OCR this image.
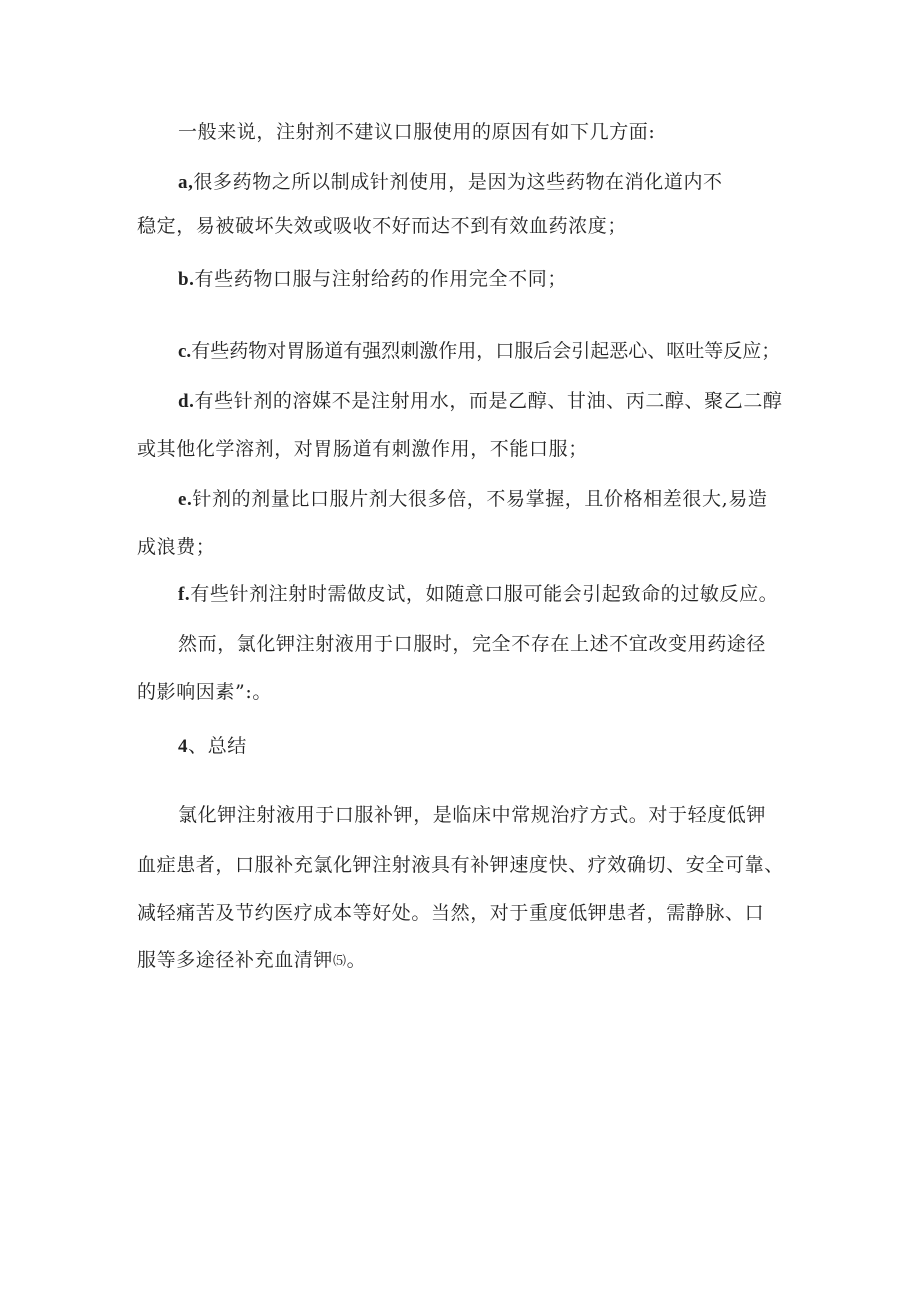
一般来说，注射剂不建议口服使用的原因有如下几方面:
a,很多药物之所以制成针剂使用，是因为这些药物在消化道内不
稳定，易被破坏失效或吸收不好而达不到有效血药浓度；
b.有些药物口服与注射给药的作用完全不同；
c.有些药物对胃肠道有强烈刺激作用，口服后会引起恶心、呕吐等反应；
d.有些针剂的溶媒不是注射用水，而是乙醇、甘油、丙二醇、聚乙二醇
或其他化学溶剂，对胃肠道有刺激作用，不能口服；
e.针剂的剂量比口服片剂大很多倍，不易掌握，且价格相差很大,易造
成浪费；
f.有些针剂注射时需做皮试，如随意口服可能会引起致命的过敏反应。
然而，氯化钾注射液用于口服时，完全不存在上述不宜改变用药途径
的影响因素”:。
4、总结
氯化钾注射液用于口服补钾，是临床中常规治疗方式。对于轻度低钾
血症患者，口服补充氯化钾注射液具有补钾速度快、疗效确切、安全可靠、
减轻痛苦及节约医疗成本等好处。当然，对于重度低钾患者，需静脉、口
服等多途径补充血清钾⑸。
